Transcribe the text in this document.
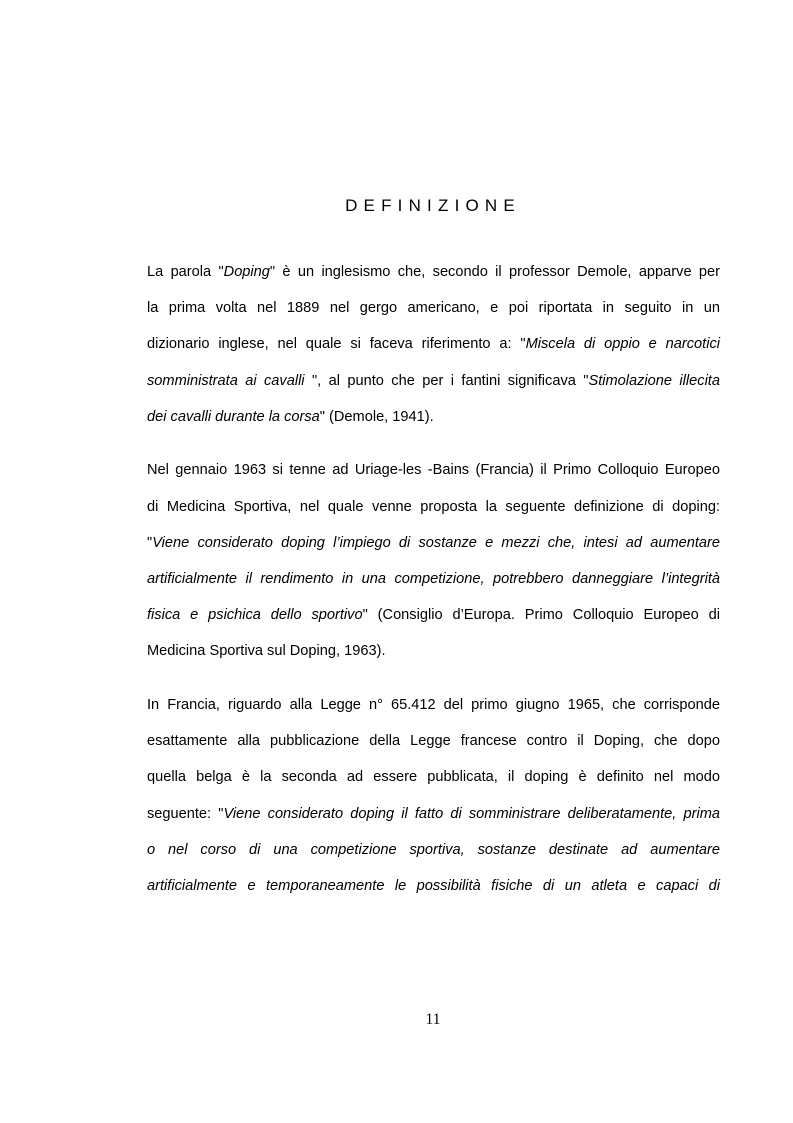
DEFINIZIONE
La parola "Doping" è un inglesismo che, secondo il professor Demole, apparve per
la prima volta nel 1889 nel gergo americano, e poi riportata in seguito in un
dizionario inglese, nel quale si faceva riferimento a: "Miscela di oppio e narcotici
somministrata ai cavalli ", al punto che per i fantini significava "Stimolazione illecita
dei cavalli durante la corsa" (Demole, 1941).
Nel gennaio 1963 si tenne ad Uriage-les -Bains (Francia) il Primo Colloquio Europeo
di Medicina Sportiva, nel quale venne proposta la seguente definizione di doping:
"Viene considerato doping l’impiego di sostanze e mezzi che, intesi ad aumentare
artificialmente il rendimento in una competizione, potrebbero danneggiare l’integrità
fisica e psichica dello sportivo" (Consiglio d’Europa. Primo Colloquio Europeo di
Medicina Sportiva sul Doping, 1963).
In Francia, riguardo alla Legge n° 65.412 del primo giugno 1965, che corrisponde
esattamente alla pubblicazione della Legge francese contro il Doping, che dopo
quella belga è la seconda ad essere pubblicata, il doping è definito nel modo
seguente: "Viene considerato doping il fatto di somministrare deliberatamente, prima
o nel corso di una competizione sportiva, sostanze destinate ad aumentare
artificialmente e temporaneamente le possibilità fisiche di un atleta e capaci di
11
